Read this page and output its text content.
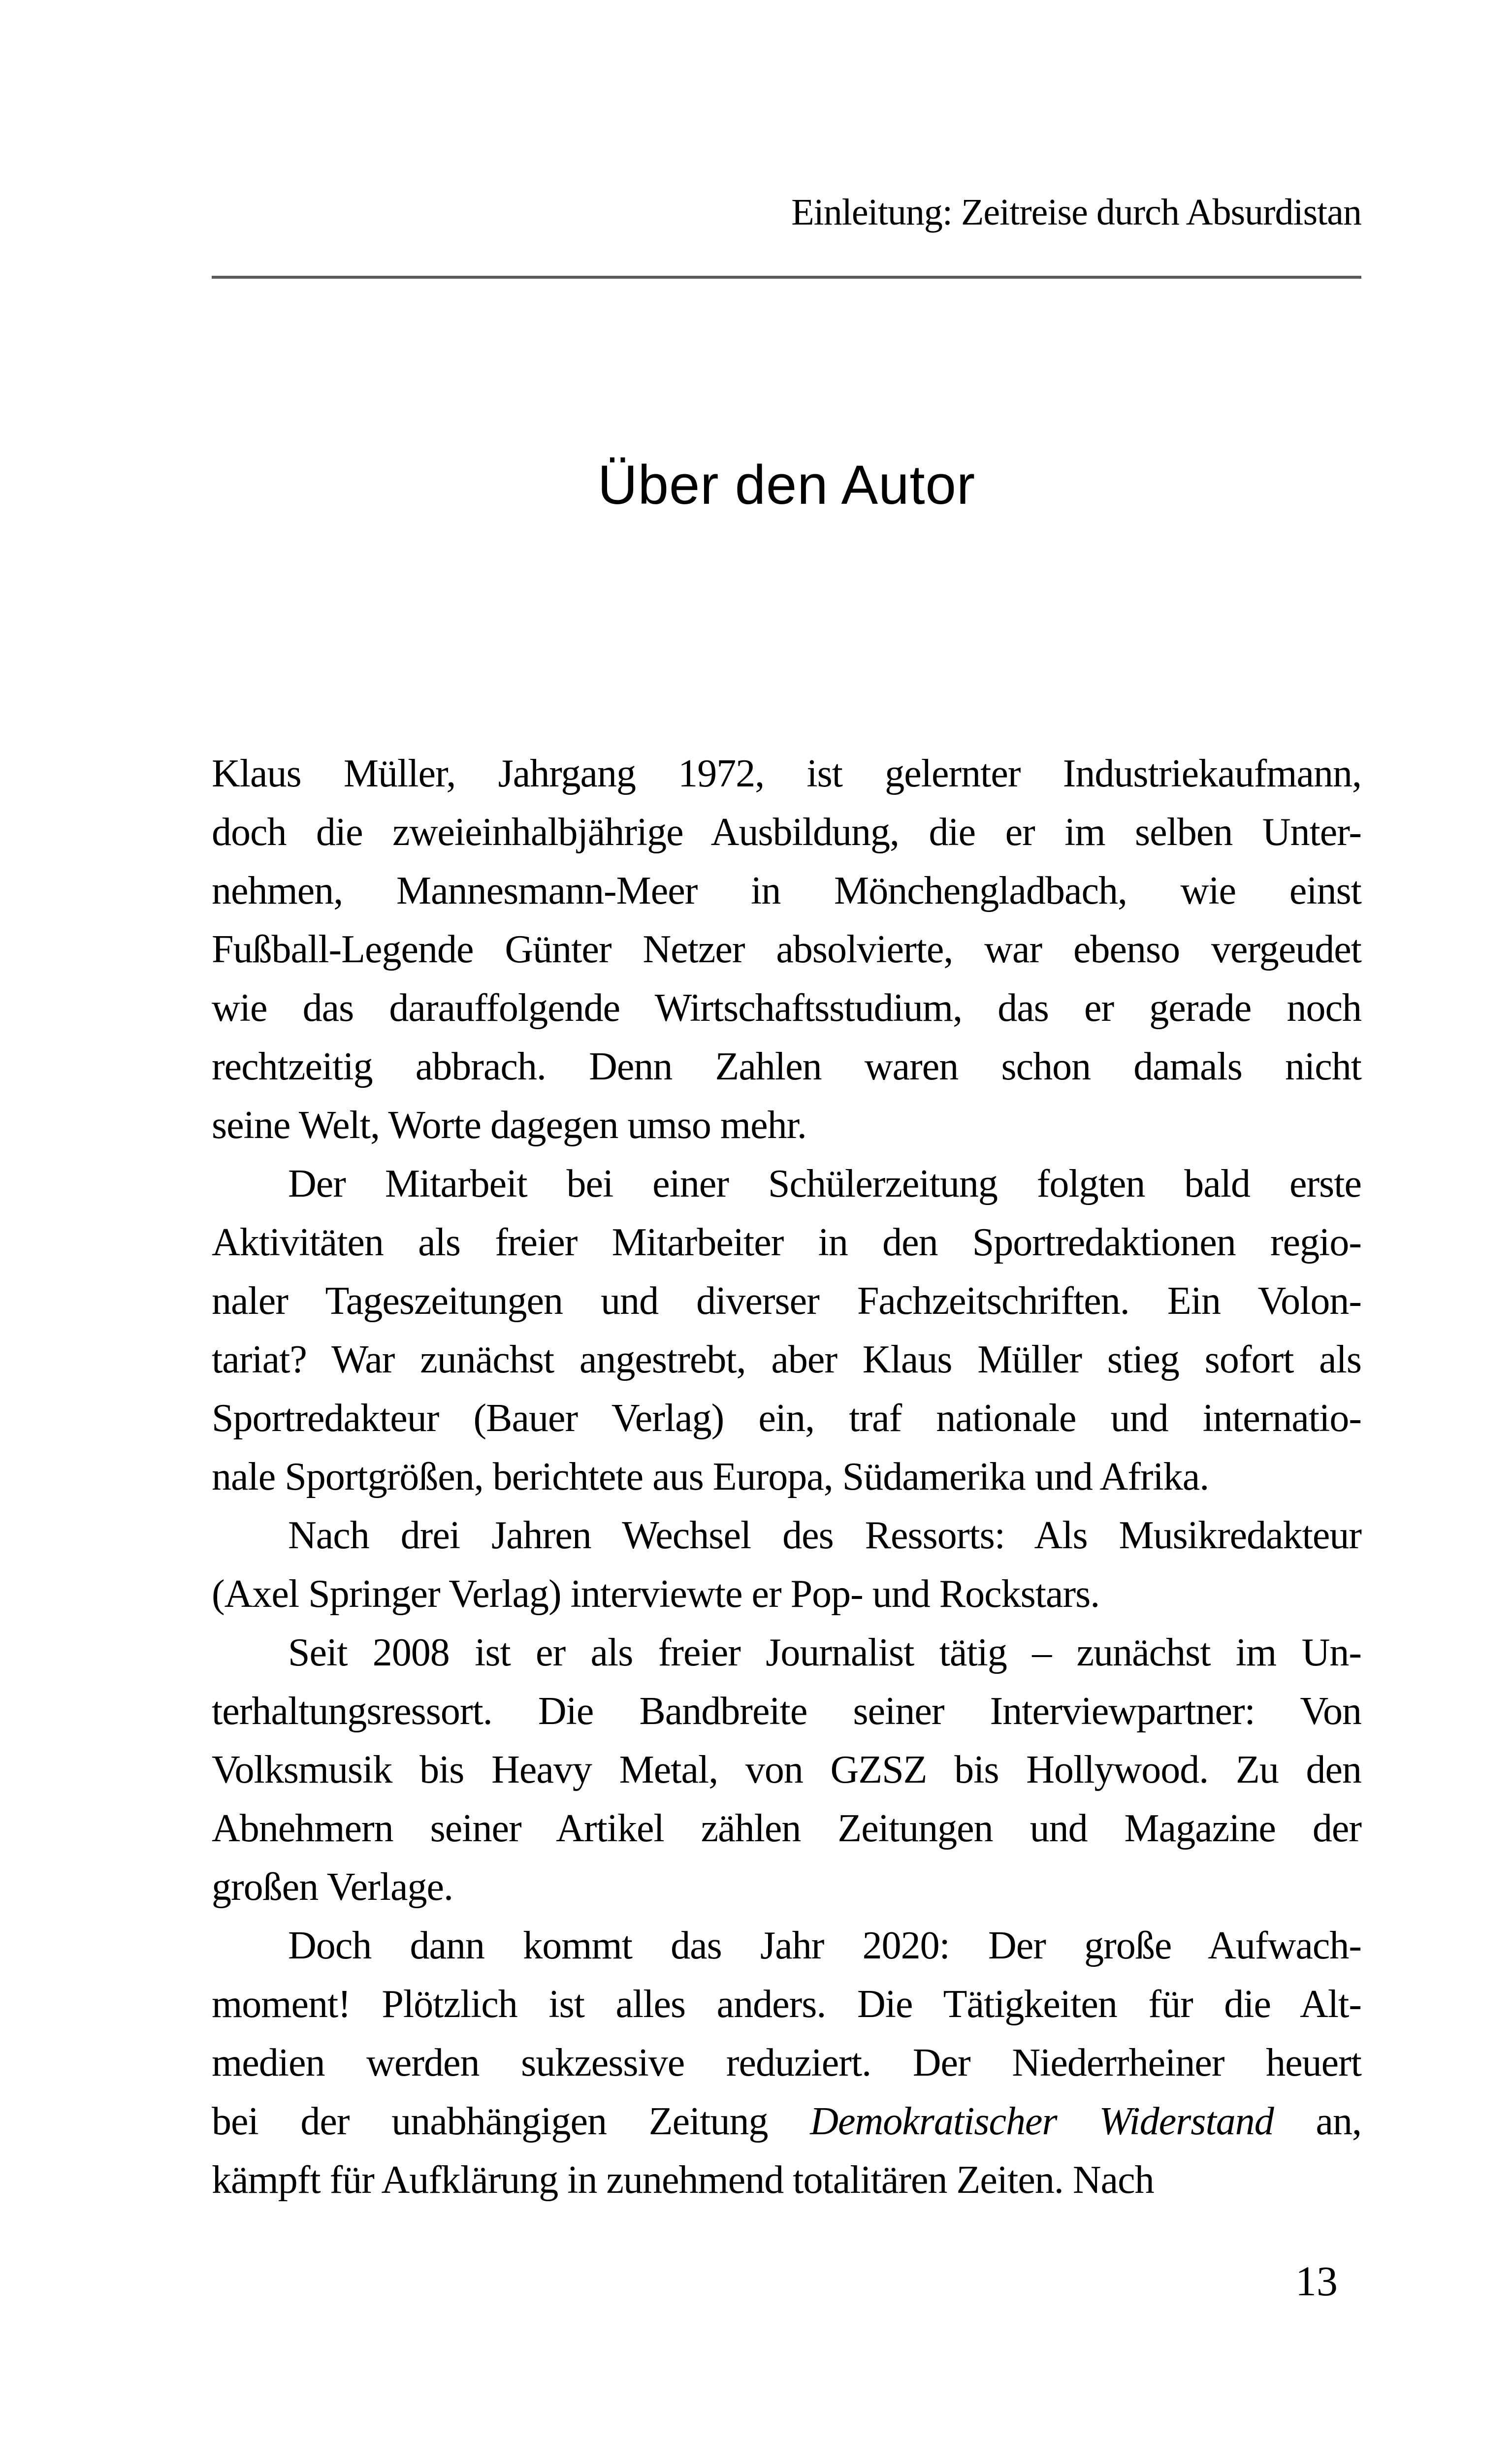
Einleitung: Zeitreise durch Absurdistan
Über den Autor
Klaus Müller, Jahrgang 1972, ist gelernter Industriekaufmann,
doch die zweieinhalbjährige Ausbildung, die er im selben Unter-
nehmen, Mannesmann-Meer in Mönchengladbach, wie einst
Fußball-Legende Günter Netzer absolvierte, war ebenso vergeudet
wie das darauffolgende Wirtschaftsstudium, das er gerade noch
rechtzeitig abbrach. Denn Zahlen waren schon damals nicht
seine Welt, Worte dagegen umso mehr.
Der Mitarbeit bei einer Schülerzeitung folgten bald erste
Aktivitäten als freier Mitarbeiter in den Sportredaktionen regio-
naler Tageszeitungen und diverser Fachzeitschriften. Ein Volon-
tariat? War zunächst angestrebt, aber Klaus Müller stieg sofort als
Sportredakteur (Bauer Verlag) ein, traf nationale und internatio-
nale Sportgrößen, berichtete aus Europa, Südamerika und Afrika.
Nach drei Jahren Wechsel des Ressorts: Als Musikredakteur
(Axel Springer Verlag) interviewte er Pop- und Rockstars.
Seit 2008 ist er als freier Journalist tätig – zunächst im Un-
terhaltungsressort. Die Bandbreite seiner Interviewpartner: Von
Volksmusik bis Heavy Metal, von GZSZ bis Hollywood. Zu den
Abnehmern seiner Artikel zählen Zeitungen und Magazine der
großen Verlage.
Doch dann kommt das Jahr 2020: Der große Aufwach-
moment! Plötzlich ist alles anders. Die Tätigkeiten für die Alt-
medien werden sukzessive reduziert. Der Niederrheiner heuert
bei der unabhängigen Zeitung Demokratischer Widerstand an,
kämpft für Aufklärung in zunehmend totalitären Zeiten. Nach
13
